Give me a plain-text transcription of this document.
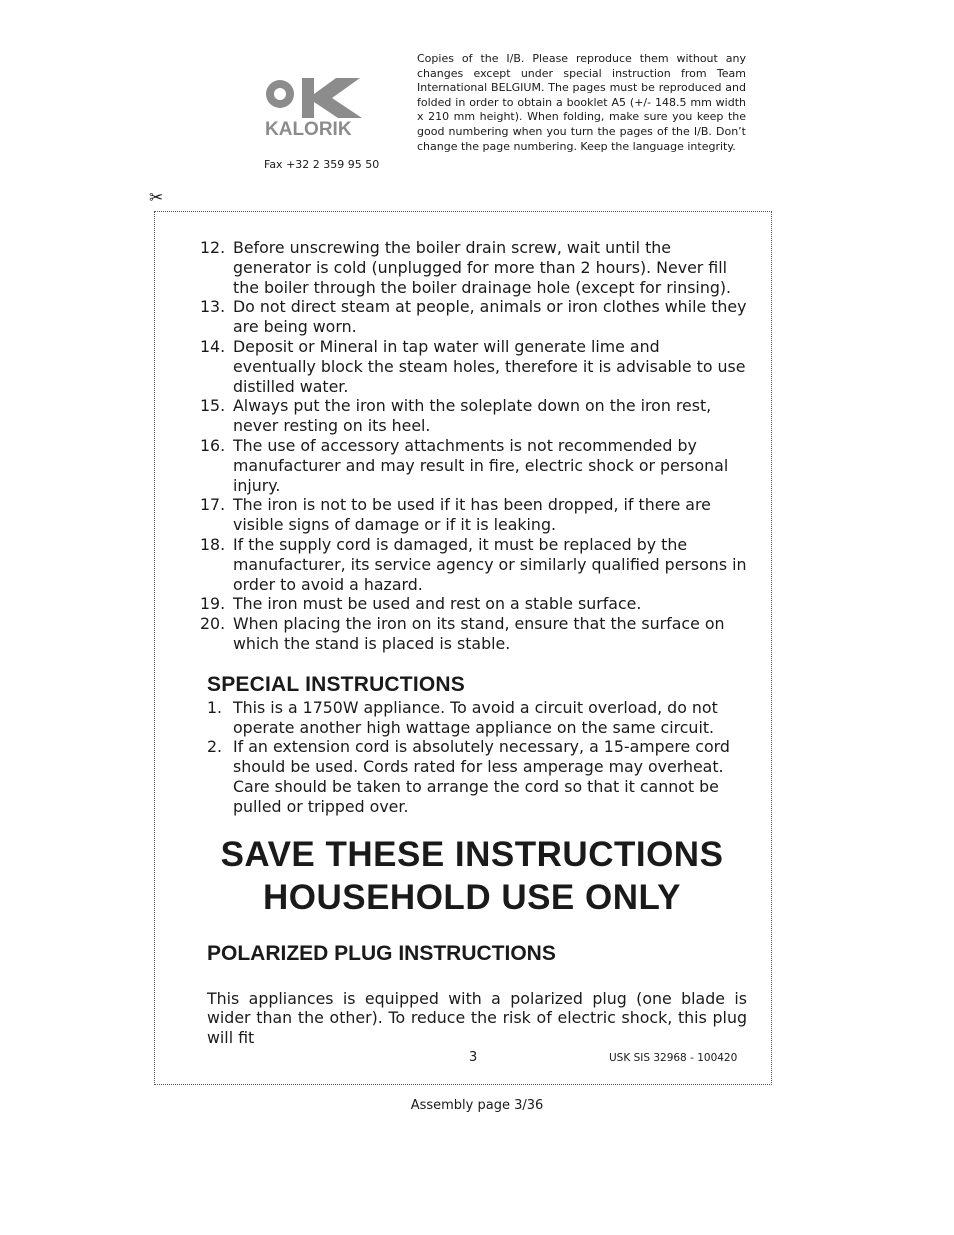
KALORIK
Fax +32 2 359 95 50
Copies of the I/B. Please reproduce them without any changes except under special instruction from Team International BELGIUM. The pages must be reproduced and folded in order to obtain a booklet A5 (+/- 148.5 mm width x 210 mm height). When folding, make sure you keep the good numbering when you turn the pages of the I/B. Don’t change the page numbering. Keep the language integrity.
✂
12. Before unscrewing the boiler drain screw, wait until the generator is cold (unplugged for more than 2 hours). Never fill the boiler through the boiler drainage hole (except for rinsing).
13. Do not direct steam at people, animals or iron clothes while they are being worn.
14. Deposit or Mineral in tap water will generate lime and eventually block the steam holes, therefore it is advisable to use distilled water.
15. Always put the iron with the soleplate down on the iron rest, never resting on its heel.
16. The use of accessory attachments is not recommended by manufacturer and may result in fire, electric shock or personal injury.
17. The iron is not to be used if it has been dropped, if there are visible signs of damage or if it is leaking.
18. If the supply cord is damaged, it must be replaced by the manufacturer, its service agency or similarly qualified persons in order to avoid a hazard.
19. The iron must be used and rest on a stable surface.
20. When placing the iron on its stand, ensure that the surface on which the stand is placed is stable.
SPECIAL INSTRUCTIONS
1. This is a 1750W appliance. To avoid a circuit overload, do not operate another high wattage appliance on the same circuit.
2. If an extension cord is absolutely necessary, a 15-ampere cord should be used. Cords rated for less amperage may overheat. Care should be taken to arrange the cord so that it cannot be pulled or tripped over.
SAVE THESE INSTRUCTIONS
HOUSEHOLD USE ONLY
POLARIZED PLUG INSTRUCTIONS
This appliances is equipped with a polarized plug (one blade is wider than the other). To reduce the risk of electric shock, this plug will fit
3	USK SIS 32968 - 100420
Assembly page 3/36
